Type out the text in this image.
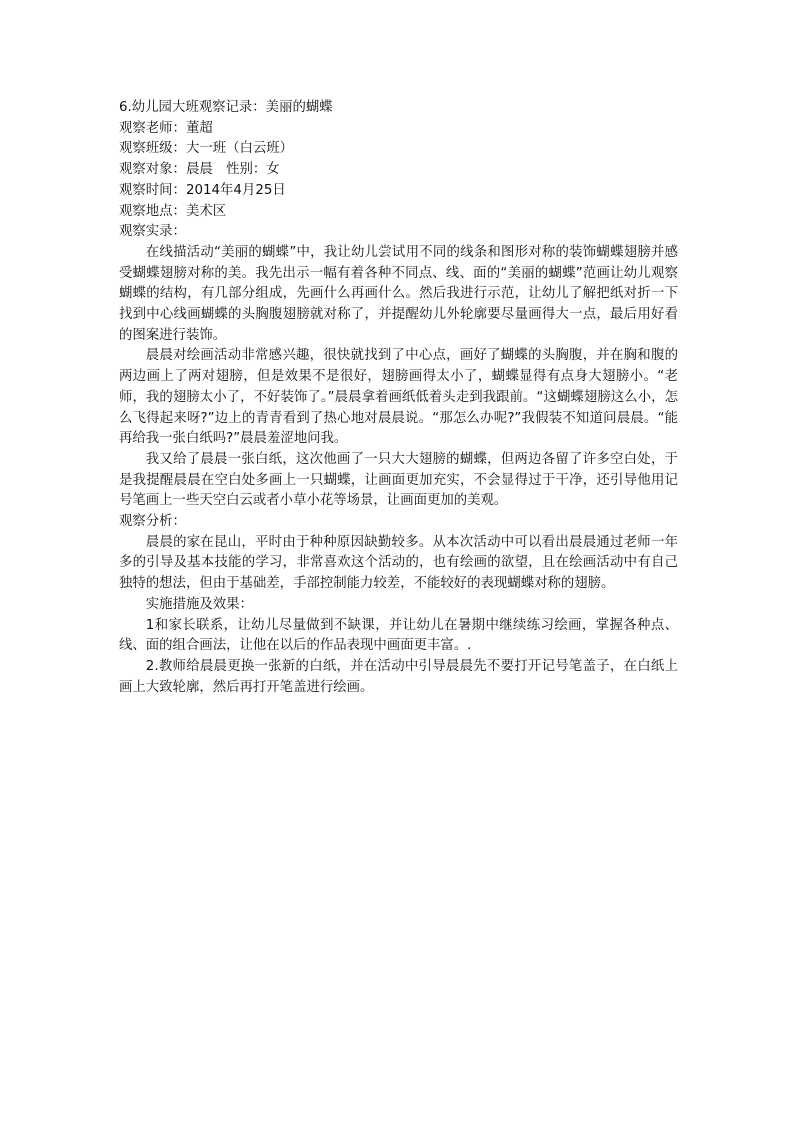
6.幼儿园大班观察记录：美丽的蝴蝶

观察老师：董超

观察班级：大一班（白云班）

观察对象：晨晨　性别：女

观察时间：2014年4月25日

观察地点：美术区

观察实录：

在线描活动“美丽的蝴蝶”中，我让幼儿尝试用不同的线条和图形对称的装饰蝴蝶翅膀并感受蝴蝶翅膀对称的美。我先出示一幅有着各种不同点、线、面的“美丽的蝴蝶”范画让幼儿观察蝴蝶的结构，有几部分组成，先画什么再画什么。然后我进行示范，让幼儿了解把纸对折一下找到中心线画蝴蝶的头胸腹翅膀就对称了，并提醒幼儿外轮廓要尽量画得大一点，最后用好看的图案进行装饰。

晨晨对绘画活动非常感兴趣，很快就找到了中心点，画好了蝴蝶的头胸腹，并在胸和腹的两边画上了两对翅膀，但是效果不是很好，翅膀画得太小了，蝴蝶显得有点身大翅膀小。“老师，我的翅膀太小了，不好装饰了。”晨晨拿着画纸低着头走到我跟前。“这蝴蝶翅膀这么小，怎么飞得起来呀?”边上的青青看到了热心地对晨晨说。“那怎么办呢?”我假装不知道问晨晨。“能再给我一张白纸吗?”晨晨羞涩地问我。

我又给了晨晨一张白纸，这次他画了一只大大翅膀的蝴蝶，但两边各留了许多空白处，于是我提醒晨晨在空白处多画上一只蝴蝶，让画面更加充实，不会显得过于干净，还引导他用记号笔画上一些天空白云或者小草小花等场景，让画面更加的美观。

观察分析：

晨晨的家在昆山，平时由于种种原因缺勤较多。从本次活动中可以看出晨晨通过老师一年多的引导及基本技能的学习，非常喜欢这个活动的，也有绘画的欲望，且在绘画活动中有自己独特的想法，但由于基础差，手部控制能力较差，不能较好的表现蝴蝶对称的翅膀。

实施措施及效果：

1和家长联系，让幼儿尽量做到不缺课，并让幼儿在暑期中继续练习绘画，掌握各种点、线、面的组合画法，让他在以后的作品表现中画面更丰富。.

2.教师给晨晨更换一张新的白纸，并在活动中引导晨晨先不要打开记号笔盖子，在白纸上画上大致轮廓，然后再打开笔盖进行绘画。
